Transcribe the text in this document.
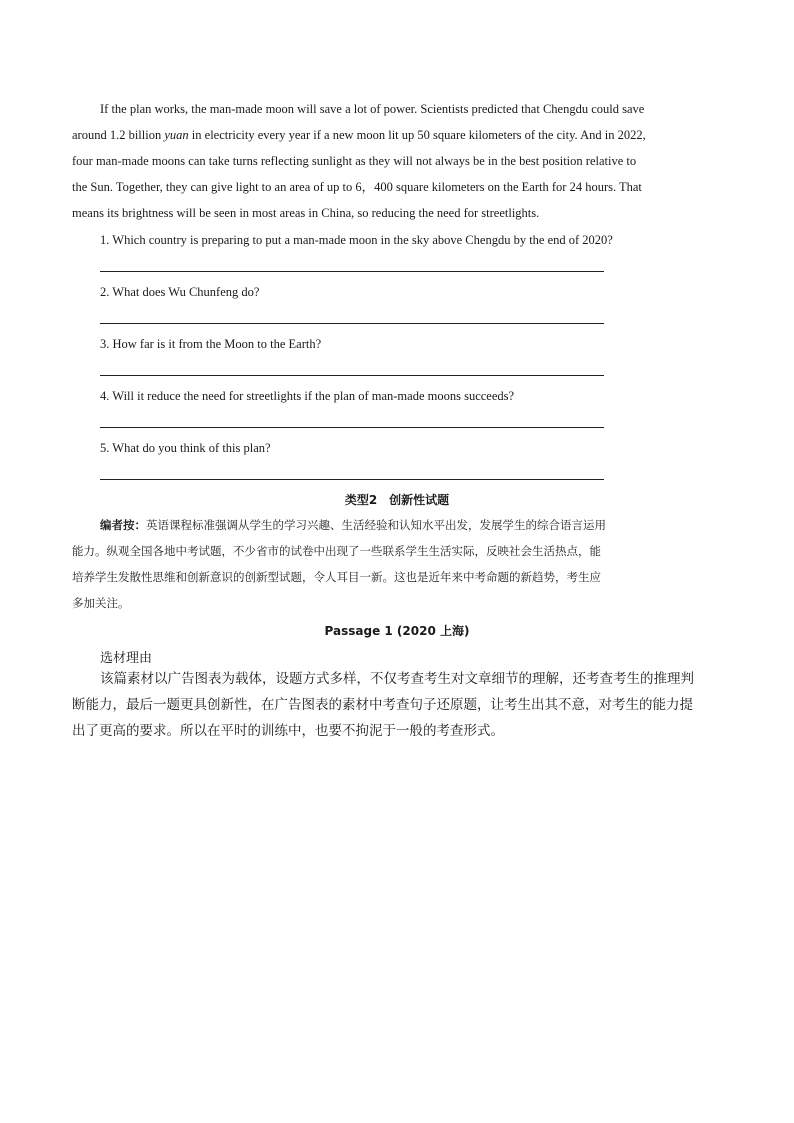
If the plan works, the man-made moon will save a lot of power. Scientists predicted that Chengdu could save
around 1.2 billion yuan in electricity every year if a new moon lit up 50 square kilometers of the city. And in 2022,
four man-made moons can take turns reflecting sunlight as they will not always be in the best position relative to
the Sun. Together, they can give light to an area of up to 6，400 square kilometers on the Earth for 24 hours. That
means its brightness will be seen in most areas in China, so reducing the need for streetlights.
1. Which country is preparing to put a man-made moon in the sky above Chengdu by the end of 2020?
2. What does Wu Chunfeng do?
3. How far is it from the Moon to the Earth?
4. Will it reduce the need for streetlights if the plan of man-made moons succeeds?
5. What do you think of this plan?
类型2　创新性试题
编者按：英语课程标准强调从学生的学习兴趣、生活经验和认知水平出发，发展学生的综合语言运用
能力。纵观全国各地中考试题，不少省市的试卷中出现了一些联系学生生活实际，反映社会生活热点，能
培养学生发散性思维和创新意识的创新型试题，令人耳目一新。这也是近年来中考命题的新趋势，考生应
多加关注。
Passage 1 (2020 上海)
选材理由
该篇素材以广告图表为载体，设题方式多样，不仅考查考生对文章细节的理解，还考查考生的推理判
断能力，最后一题更具创新性，在广告图表的素材中考查句子还原题，让考生出其不意，对考生的能力提
出了更高的要求。所以在平时的训练中，也要不拘泥于一般的考查形式。
